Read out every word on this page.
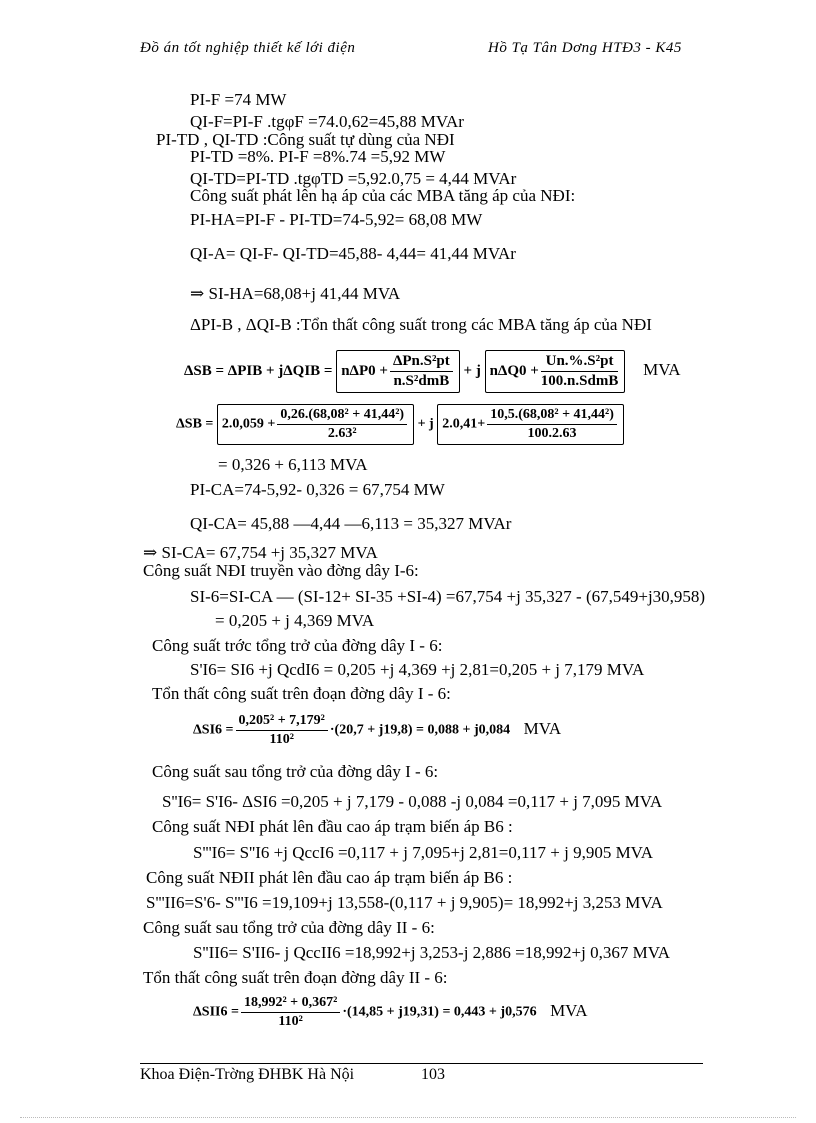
Đồ án tốt nghiệp thiết kế lới điện	Hồ Tạ Tân Dơng HTĐ3 - K45
PI-F =74 MW
QI-F=PI-F .tgφF =74.0,62=45,88 MVAr
PI-TD , QI-TD :Công suất tự dùng của NĐI
PI-TD =8%. PI-F =8%.74 =5,92 MW
QI-TD=PI-TD .tgφTD =5,92.0,75 = 4,44 MVAr
Công suất phát lên hạ áp của các MBA tăng áp của NĐI:
PI-HA=PI-F - PI-TD=74-5,92= 68,08 MW
QI-A= QI-F- QI-TD=45,88- 4,44= 41,44 MVAr
⇒ SI-HA=68,08+j 41,44 MVA
ΔPI-B , ΔQI-B :Tổn thất công suất trong các MBA tăng áp của NĐI
$\Delta SB = \Delta PIB + j\Delta QIB = n\Delta P0 + \frac{\text{ΔPn.S²pt}}{\text{n.S²dmB}} + j$ $n\Delta Q0 + \frac{\text{Un.\%.S²pt}}{\text{100.n.SdmB}}$ MVA
$\Delta SB = 2.0,059 + \frac{\text{0,26.(68,08² + 41,44²)}}{\text{2.63²}} + j$ $2.0,41+ \frac{\text{10,5.(68,08² + 41,44²)}}{100.2.63}$
= 0,326 + 6,113 MVA
PI-CA=74-5,92- 0,326 = 67,754 MW
QI-CA= 45,88 —4,44 —6,113 = 35,327 MVAr
⇒ SI-CA= 67,754 +j 35,327 MVA
Công suất NĐI truyền vào đờng dây I-6:
SI-6=SI-CA — (SI-12+ SI-35 +SI-4) =67,754 +j 35,327 - (67,549+j30,958)
= 0,205 + j 4,369 MVA
Công suất trớc tổng trở của đờng dây I - 6:
S'I6= SI6 +j QcdI6 = 0,205 +j 4,369 +j 2,81=0,205 + j 7,179 MVA
Tổn thất công suất trên đoạn đờng dây I - 6:
$\Delta SI6 = \frac{\text{0,205² + 7,179²}}{\text{110²}} \cdot(20,7 + j19,8) = 0,088 + j0,084$ MVA
Công suất sau tổng trở của đờng dây I - 6:
S''I6= S'I6- ΔSI6 =0,205 + j 7,179 - 0,088 -j 0,084 =0,117 + j 7,095 MVA
Công suất NĐI phát lên đầu cao áp trạm biến áp B6 :
S'''I6= S''I6 +j QccI6 =0,117 + j 7,095+j 2,81=0,117 + j 9,905 MVA
Công suất NĐII phát lên đầu cao áp trạm biến áp B6 :
S'''II6=S'6- S'''I6 =19,109+j 13,558-(0,117 + j 9,905)= 18,992+j 3,253 MVA
Công suất sau tổng trở của đờng dây II - 6:
S''II6= S'II6- j QccII6 =18,992+j 3,253-j 2,886 =18,992+j 0,367 MVA
Tổn thất công suất trên đoạn đờng dây II - 6:
$\Delta SII6 = \frac{\text{18,992² + 0,367²}}{\text{110²}} \cdot(14,85 + j19,31) = 0,443 + j0,576$ MVA
Khoa Điện-Trờng ĐHBK Hà Nội	103
